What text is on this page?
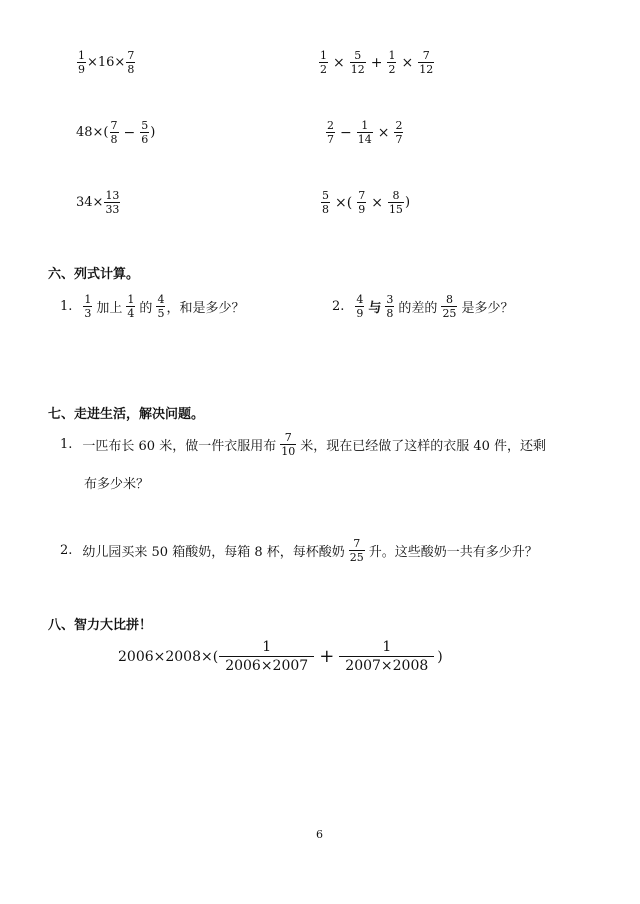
$\frac{1}{9} \times 16\times \frac{7}{8}$	$\frac{1}{2} \times \frac{5}{12} + \frac{1}{2} \times \frac{7}{12}$
$48\times( \frac{7}{8} - \frac{5}{6}$ )	$\frac{2}{7} - \frac{1}{14} \times \frac{2}{7}$
$34\times \frac{13}{33}$	$\frac{5}{8}$ ×( $\frac{7}{9} \times \frac{8}{15}$ )
六、列式计算。
1. $\frac{1}{3}$ 加上 $\frac{1}{4}$ 的 $\frac{4}{5}$ ，和是多少？	2. $\frac{4}{9}$ 与 $\frac{3}{8}$ 的差的 $\frac{8}{25}$ 是多少？
七、走进生活，解决问题。
1. 一匹布长 60 米，做一件衣服用布 $\frac{7}{10}$ 米，现在已经做了这样的衣服 40 件，还剩
布多少米？
2. 幼儿园买来 50 箱酸奶，每箱 8 杯，每杯酸奶 $\frac{7}{25}$ 升。这些酸奶一共有多少升？
八、智力大比拼！
$2006\times 2008\times( \frac{1}{2006\times 2007} + \frac{1}{2007\times 2008}$ )
6
